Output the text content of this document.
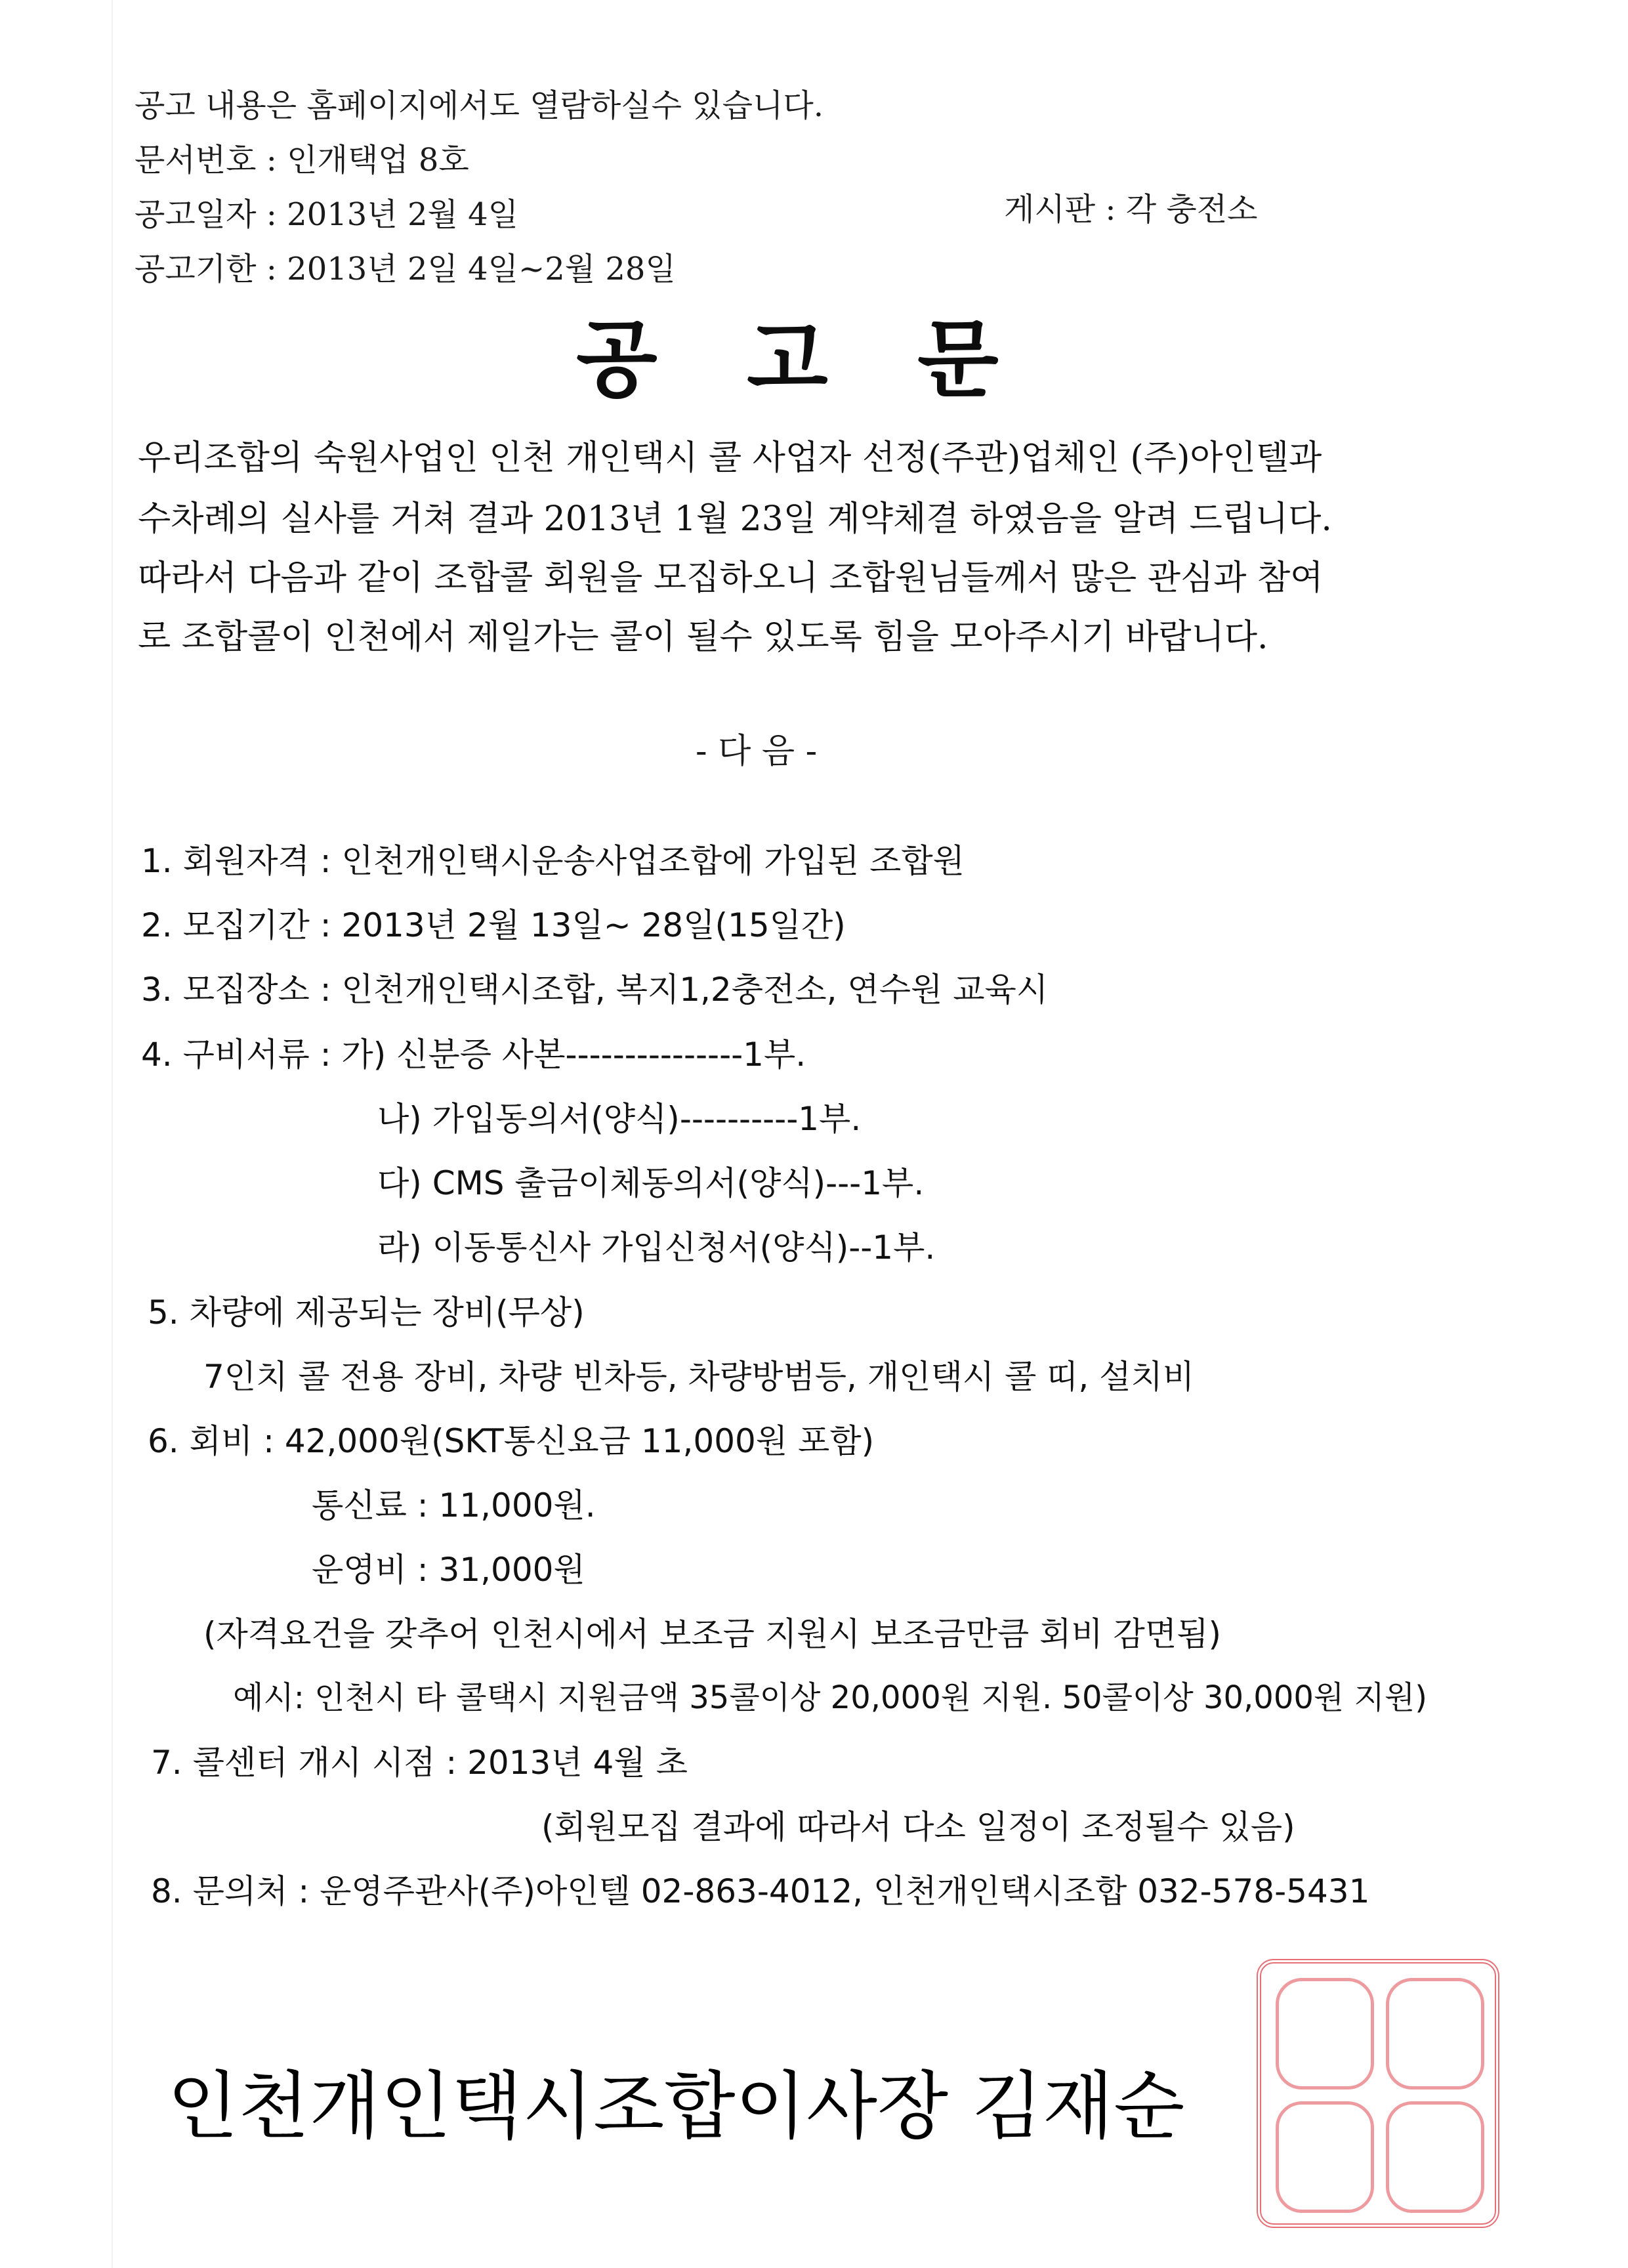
공고 내용은 홈페이지에서도 열람하실수 있습니다.
문서번호 : 인개택업 8호
공고일자 : 2013년 2월 4일	게시판 : 각 충전소
공고기한 : 2013년 2일 4일~2월 28일
공 고 문
우리조합의 숙원사업인 인천 개인택시 콜 사업자 선정(주관)업체인 (주)아인텔과
수차례의 실사를 거쳐 결과 2013년 1월 23일 계약체결 하였음을 알려 드립니다.
따라서 다음과 같이 조합콜 회원을 모집하오니 조합원님들께서 많은 관심과 참여
로 조합콜이 인천에서 제일가는 콜이 될수 있도록 힘을 모아주시기 바랍니다.
- 다 음 -
1. 회원자격 : 인천개인택시운송사업조합에 가입된 조합원
2. 모집기간 : 2013년 2월 13일~ 28일(15일간)
3. 모집장소 : 인천개인택시조합, 복지1,2충전소, 연수원 교육시
4. 구비서류 : 가) 신분증 사본---------------1부.
나) 가입동의서(양식)----------1부.
다) CMS 출금이체동의서(양식)---1부.
라) 이동통신사 가입신청서(양식)--1부.
5. 차량에 제공되는 장비(무상)
7인치 콜 전용 장비, 차량 빈차등, 차량방범등, 개인택시 콜 띠, 설치비
6. 회비 : 42,000원(SKT통신요금 11,000원 포함)
통신료 : 11,000원.
운영비 : 31,000원
(자격요건을 갖추어 인천시에서 보조금 지원시 보조금만큼 회비 감면됨)
예시: 인천시 타 콜택시 지원금액 35콜이상 20,000원 지원. 50콜이상 30,000원 지원)
7. 콜센터 개시 시점 : 2013년 4월 초
(회원모집 결과에 따라서 다소 일정이 조정될수 있음)
8. 문의처 : 운영주관사(주)아인텔 02-863-4012, 인천개인택시조합 032-578-5431
인천개인택시조합이사장 김재순
